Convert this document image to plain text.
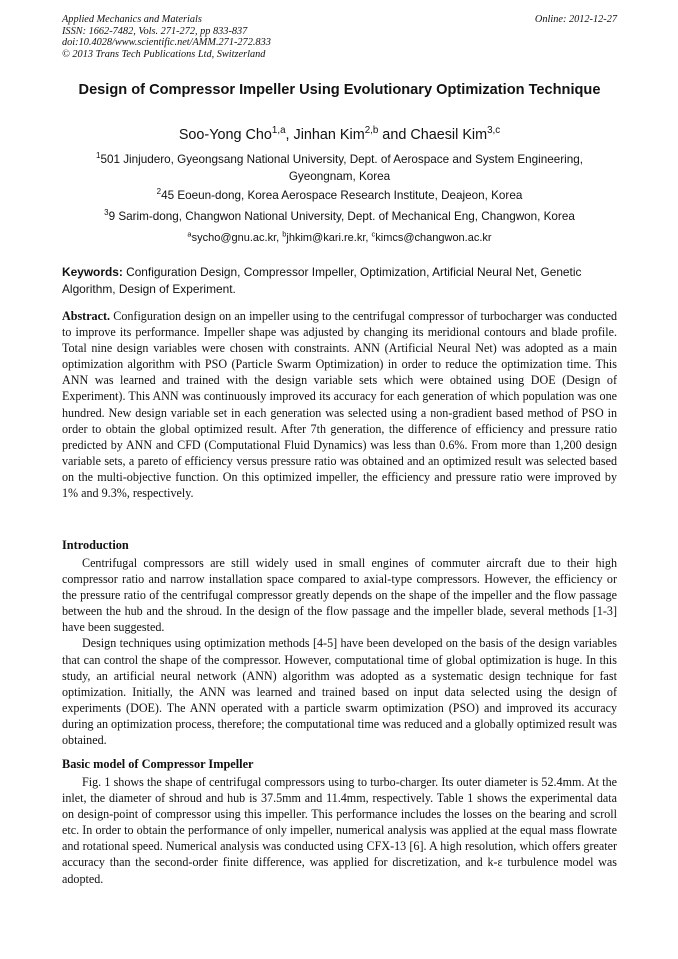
Applied Mechanics and Materials
ISSN: 1662-7482, Vols. 271-272, pp 833-837
doi:10.4028/www.scientific.net/AMM.271-272.833
© 2013 Trans Tech Publications Ltd, Switzerland
Online: 2012-12-27
Design of Compressor Impeller Using Evolutionary Optimization Technique
Soo-Yong Cho$^{1,a}$, Jinhan Kim$^{2,b}$ and Chaesil Kim$^{3,c}$
$^1$501 Jinjudero, Gyeongsang National University, Dept. of Aerospace and System Engineering, Gyeongnam, Korea
$^2$45 Eoeun-dong, Korea Aerospace Research Institute, Deajeon, Korea
$^3$9 Sarim-dong, Changwon National University, Dept. of Mechanical Eng, Changwon, Korea
$^a$sycho@gnu.ac.kr, $^b$jhkim@kari.re.kr, $^c$kimcs@changwon.ac.kr
Keywords: Configuration Design, Compressor Impeller, Optimization, Artificial Neural Net, Genetic Algorithm, Design of Experiment.
Abstract. Configuration design on an impeller using to the centrifugal compressor of turbocharger was conducted to improve its performance. Impeller shape was adjusted by changing its meridional contours and blade profile. Total nine design variables were chosen with constraints. ANN (Artificial Neural Net) was adopted as a main optimization algorithm with PSO (Particle Swarm Optimization) in order to reduce the optimization time. This ANN was learned and trained with the design variable sets which were obtained using DOE (Design of Experiment). This ANN was continuously improved its accuracy for each generation of which population was one hundred. New design variable set in each generation was selected using a non-gradient based method of PSO in order to obtain the global optimized result. After 7th generation, the difference of efficiency and pressure ratio predicted by ANN and CFD (Computational Fluid Dynamics) was less than 0.6%. From more than 1,200 design variable sets, a pareto of efficiency versus pressure ratio was obtained and an optimized result was selected based on the multi-objective function. On this optimized impeller, the efficiency and pressure ratio were improved by 1% and 9.3%, respectively.
Introduction

Centrifugal compressors are still widely used in small engines of commuter aircraft due to their high compressor ratio and narrow installation space compared to axial-type compressors. However, the efficiency or the pressure ratio of the centrifugal compressor greatly depends on the shape of the impeller and the flow passage between the hub and the shroud. In the design of the flow passage and the impeller blade, several methods [1-3] have been suggested.

Design techniques using optimization methods [4-5] have been developed on the basis of the design variables that can control the shape of the compressor. However, computational time of global optimization is huge. In this study, an artificial neural network (ANN) algorithm was adopted as a systematic design technique for fast optimization. Initially, the ANN was learned and trained based on input data selected using the design of experiments (DOE). The ANN operated with a particle swarm optimization (PSO) and improved its accuracy during an optimization process, therefore; the computational time was reduced and a globally optimized result was obtained.

Basic model of Compressor Impeller

Fig. 1 shows the shape of centrifugal compressors using to turbo-charger. Its outer diameter is 52.4mm. At the inlet, the diameter of shroud and hub is 37.5mm and 11.4mm, respectively. Table 1 shows the experimental data on design-point of compressor using this impeller. This performance includes the losses on the bearing and scroll etc. In order to obtain the performance of only impeller, numerical analysis was applied at the equal mass flowrate and rotational speed. Numerical analysis was conducted using CFX-13 [6]. A high resolution, which offers greater accuracy than the second-order finite difference, was applied for discretization, and k-ε turbulence model was adopted.
